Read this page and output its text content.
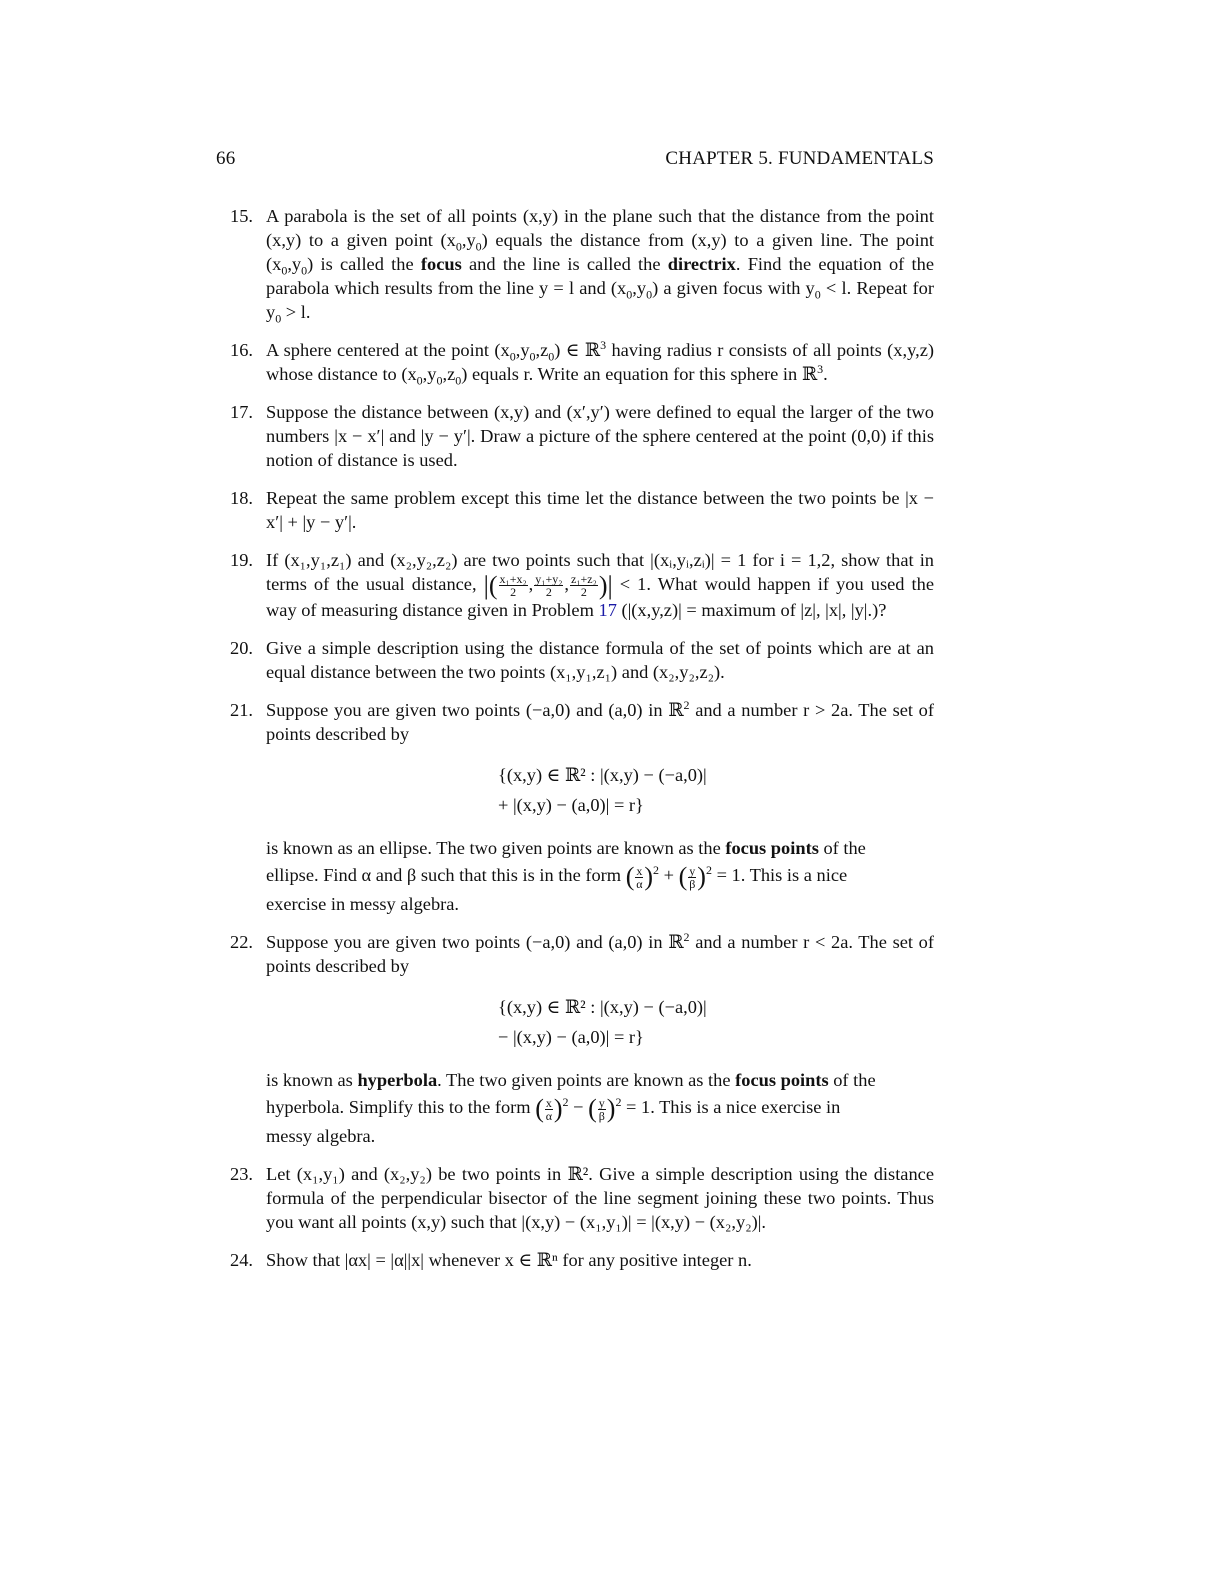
66	CHAPTER 5. FUNDAMENTALS
15. A parabola is the set of all points (x,y) in the plane such that the distance from the point (x,y) to a given point $(x_0,y_0)$ equals the distance from (x,y) to a given line. The point $(x_0,y_0)$ is called the focus and the line is called the directrix. Find the equation of the parabola which results from the line y = l and $(x_0,y_0)$ a given focus with $y_0 < l$. Repeat for $y_0 > l$.
16. A sphere centered at the point $(x_0,y_0,z_0)$ ∈ ℝ$^3$ having radius r consists of all points (x,y,z) whose distance to $(x_0,y_0,z_0)$ equals r. Write an equation for this sphere in ℝ$^3$.
17. Suppose the distance between (x,y) and (x′,y′) were defined to equal the larger of the two numbers |x − x′| and |y − y′|. Draw a picture of the sphere centered at the point (0,0) if this notion of distance is used.
18. Repeat the same problem except this time let the distance between the two points be |x − x′| + |y − y′|.
19. If (x₁,y₁,z₁) and (x₂,y₂,z₂) are two points such that |(xᵢ,yᵢ,zᵢ)| = 1 for i = 1,2, show that in terms of the usual distance, |( $\frac{\text{x₁+x₂}}{2}$ , $\frac{\text{y₁+y₂}}{2}$ , $\frac{\text{z₁+z₂}}{2}$ )| < 1. What would happen if you used the way of measuring distance given in Problem 17 (|(x,y,z)| = maximum of |z|, |x|, |y|.)?
20. Give a simple description using the distance formula of the set of points which are at an equal distance between the two points (x₁,y₁,z₁) and (x₂,y₂,z₂).
21. Suppose you are given two points (−a,0) and (a,0) in ℝ$^2$ and a number r > 2a. The set of points described by
{(x,y) ∈ ℝ² : |(x,y) − (−a,0)|
+ |(x,y) − (a,0)| = r}
is known as an ellipse. The two given points are known as the focus points of the
ellipse. Find α and β such that this is in the form ( $\frac{x}{\alpha} )^2$ + ( $\frac{y}{\beta} )^2 = 1$. This is a nice
exercise in messy algebra.
22. Suppose you are given two points (−a,0) and (a,0) in ℝ$^2$ and a number r < 2a. The set of points described by
{(x,y) ∈ ℝ² : |(x,y) − (−a,0)|
− |(x,y) − (a,0)| = r}
is known as hyperbola. The two given points are known as the focus points of the
hyperbola. Simplify this to the form ( $\frac{x}{\alpha} )^2$ − ( $\frac{y}{\beta} )^2 = 1$. This is a nice exercise in
messy algebra.
23. Let (x₁,y₁) and (x₂,y₂) be two points in ℝ². Give a simple description using the distance formula of the perpendicular bisector of the line segment joining these two points. Thus you want all points (x,y) such that |(x,y) − (x₁,y₁)| = |(x,y) − (x₂,y₂)|.
24. Show that |αx| = |α||x| whenever x ∈ ℝⁿ for any positive integer n.
